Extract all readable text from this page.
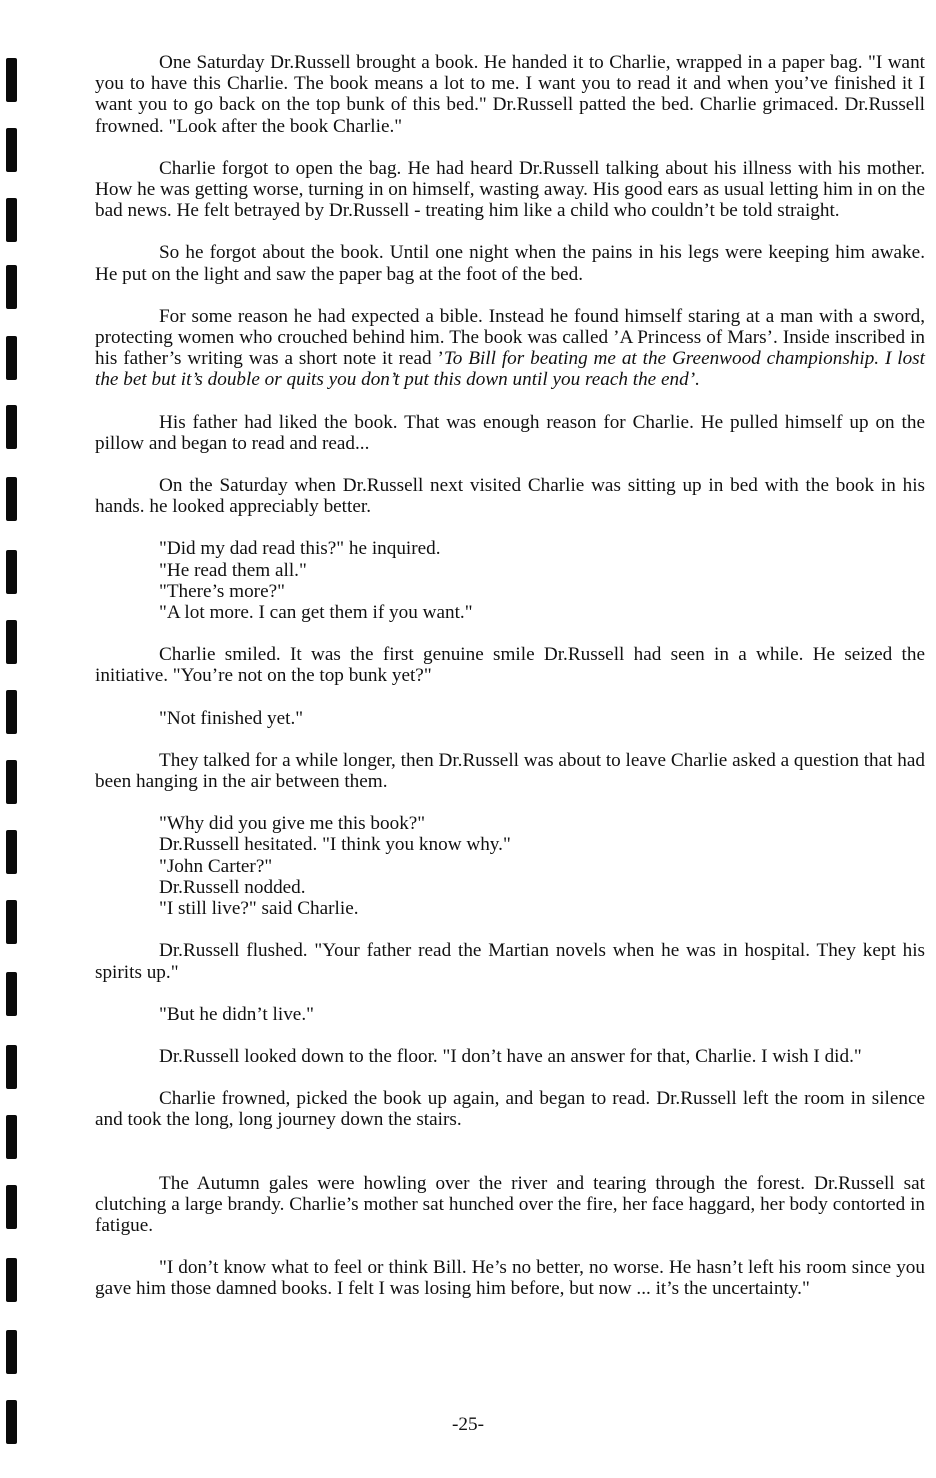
One Saturday Dr.Russell brought a book. He handed it to Charlie, wrapped in a paper bag. "I want you to have this Charlie. The book means a lot to me. I want you to read it and when you’ve finished it I want you to go back on the top bunk of this bed." Dr.Russell patted the bed. Charlie grimaced. Dr.Russell frowned. "Look after the book Charlie."

Charlie forgot to open the bag. He had heard Dr.Russell talking about his illness with his mother. How he was getting worse, turning in on himself, wasting away. His good ears as usual letting him in on the bad news. He felt betrayed by Dr.Russell - treating him like a child who couldn’t be told straight.

So he forgot about the book. Until one night when the pains in his legs were keeping him awake. He put on the light and saw the paper bag at the foot of the bed.

For some reason he had expected a bible. Instead he found himself staring at a man with a sword, protecting women who crouched behind him. The book was called ’A Princess of Mars’. Inside inscribed in his father’s writing was a short note it read ’To Bill for beating me at the Greenwood championship. I lost the bet but it’s double or quits you don’t put this down until you reach the end’.

His father had liked the book. That was enough reason for Charlie. He pulled himself up on the pillow and began to read and read...

On the Saturday when Dr.Russell next visited Charlie was sitting up in bed with the book in his hands. he looked appreciably better.

"Did my dad read this?" he inquired.
"He read them all."
"There’s more?"
"A lot more. I can get them if you want."

Charlie smiled. It was the first genuine smile Dr.Russell had seen in a while. He seized the initiative. "You’re not on the top bunk yet?"

"Not finished yet."

They talked for a while longer, then Dr.Russell was about to leave Charlie asked a question that had been hanging in the air between them.

"Why did you give me this book?"
Dr.Russell hesitated. "I think you know why."
"John Carter?"
Dr.Russell nodded.
"I still live?" said Charlie.

Dr.Russell flushed. "Your father read the Martian novels when he was in hospital. They kept his spirits up."

"But he didn’t live."

Dr.Russell looked down to the floor. "I don’t have an answer for that, Charlie. I wish I did."

Charlie frowned, picked the book up again, and began to read. Dr.Russell left the room in silence and took the long, long journey down the stairs.

The Autumn gales were howling over the river and tearing through the forest. Dr.Russell sat clutching a large brandy. Charlie’s mother sat hunched over the fire, her face haggard, her body contorted in fatigue.

"I don’t know what to feel or think Bill. He’s no better, no worse. He hasn’t left his room since you gave him those damned books. I felt I was losing him before, but now ... it’s the uncertainty."

-25-
